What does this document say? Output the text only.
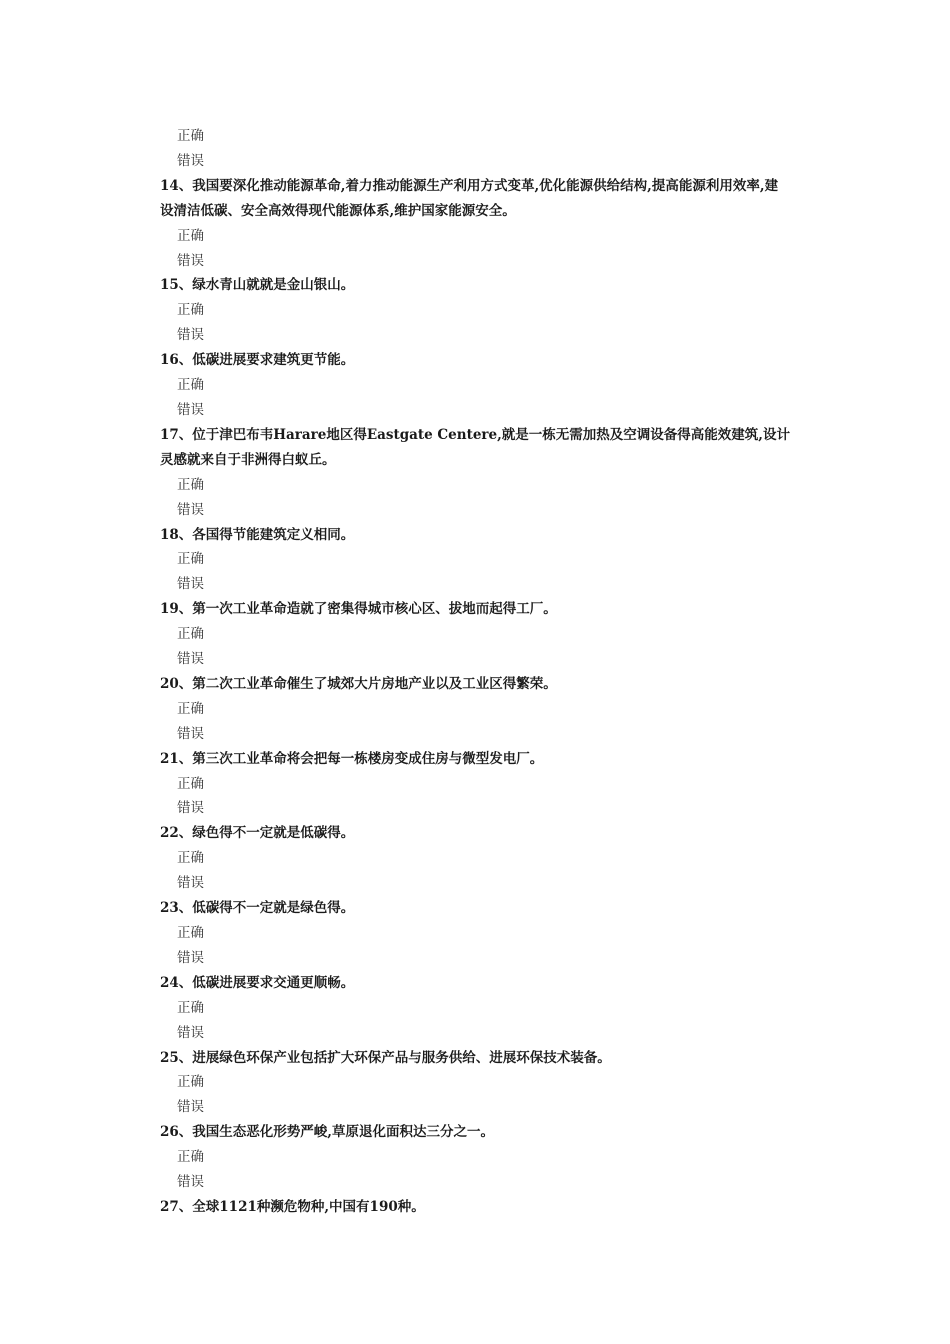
正确
错误
14、我国要深化推动能源革命,着力推动能源生产利用方式变革,优化能源供给结构,提高能源利用效率,建设清洁低碳、安全高效得现代能源体系,维护国家能源安全。
正确
错误
15、绿水青山就就是金山银山。
正确
错误
16、低碳进展要求建筑更节能。
正确
错误
17、位于津巴布韦Harare地区得Eastgate Centere,就是一栋无需加热及空调设备得高能效建筑,设计灵感就来自于非洲得白蚁丘。
正确
错误
18、各国得节能建筑定义相同。
正确
错误
19、第一次工业革命造就了密集得城市核心区、拔地而起得工厂。
正确
错误
20、第二次工业革命催生了城郊大片房地产业以及工业区得繁荣。
正确
错误
21、第三次工业革命将会把每一栋楼房变成住房与微型发电厂。
正确
错误
22、绿色得不一定就是低碳得。
正确
错误
23、低碳得不一定就是绿色得。
正确
错误
24、低碳进展要求交通更顺畅。
正确
错误
25、进展绿色环保产业包括扩大环保产品与服务供给、进展环保技术装备。
正确
错误
26、我国生态恶化形势严峻,草原退化面积达三分之一。
正确
错误
27、全球1121种濒危物种,中国有190种。
